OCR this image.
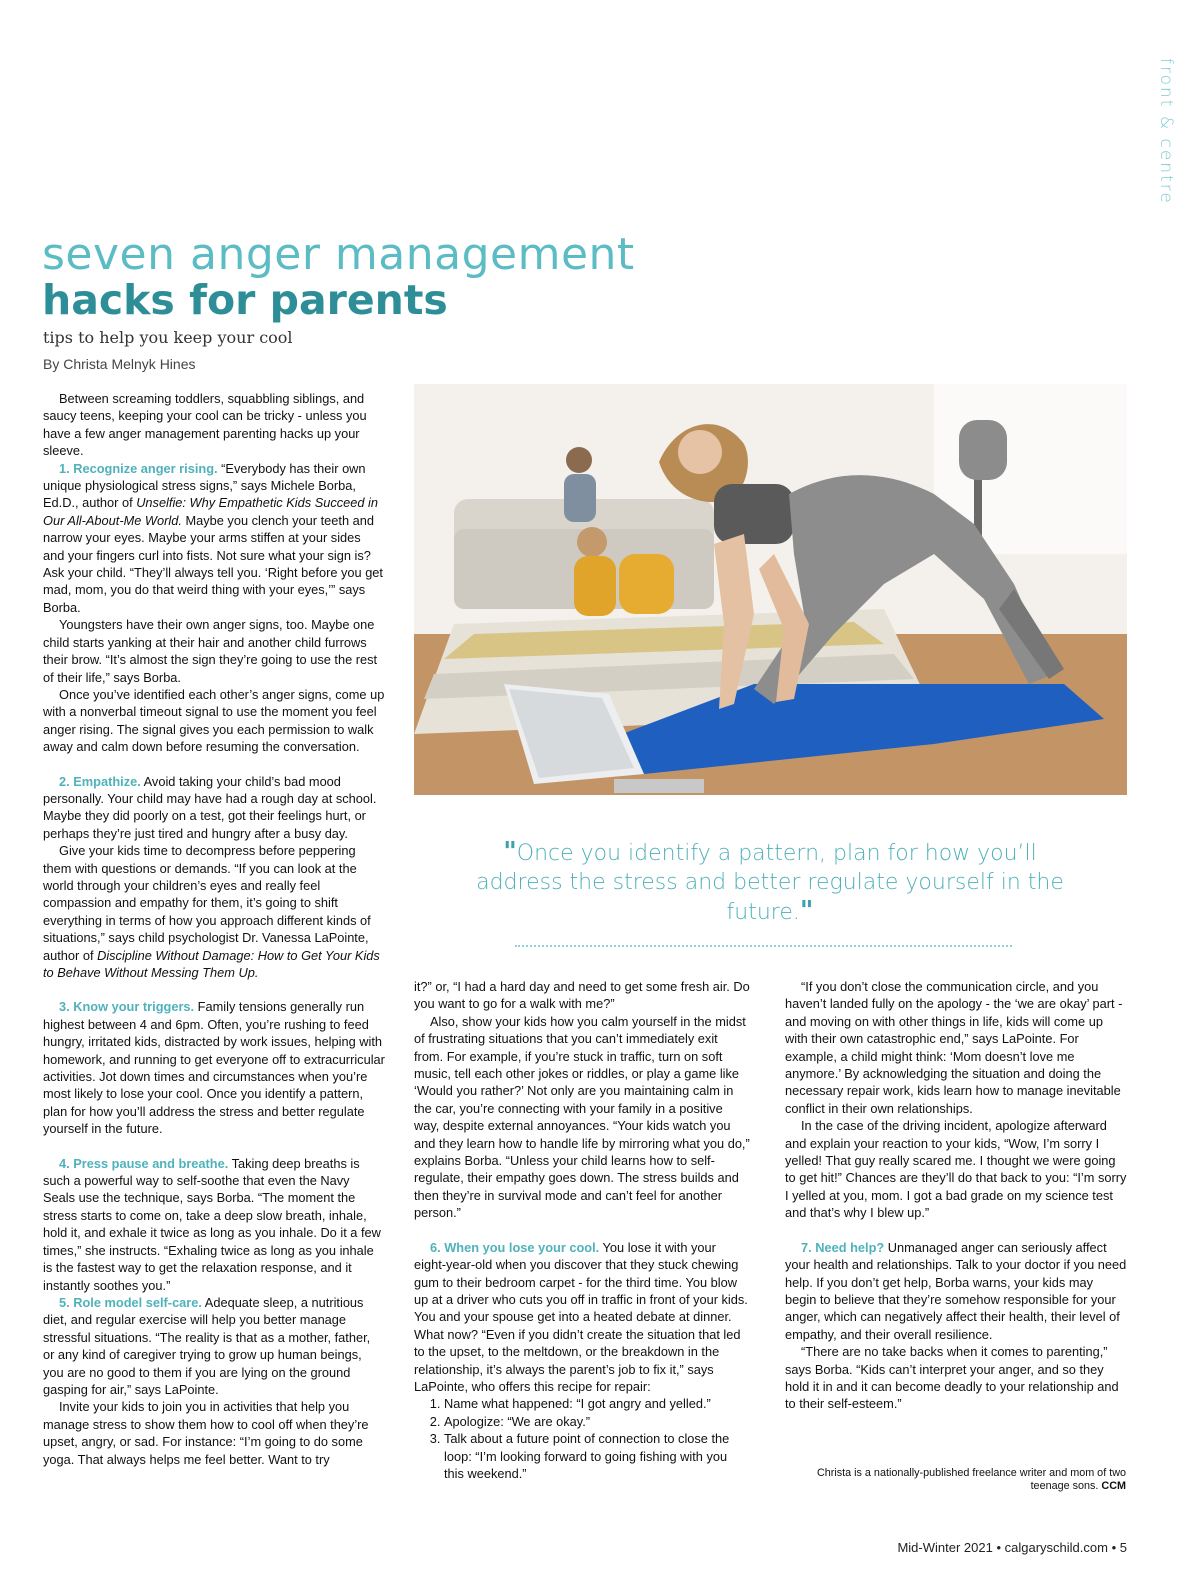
front & centre
seven anger management
hacks for parents
tips to help you keep your cool
By Christa Melnyk Hines

Between screaming toddlers, squabbling siblings, and saucy teens, keeping your cool can be tricky - unless you have a few anger management parenting hacks up your sleeve.

1. Recognize anger rising. “Everybody has their own unique physiological stress signs,” says Michele Borba, Ed.D., author of Unselfie: Why Empathetic Kids Succeed in Our All-About-Me World. Maybe you clench your teeth and narrow your eyes. Maybe your arms stiffen at your sides and your fingers curl into fists. Not sure what your sign is? Ask your child. “They’ll always tell you. ‘Right before you get mad, mom, you do that weird thing with your eyes,’” says Borba.

Youngsters have their own anger signs, too. Maybe one child starts yanking at their hair and another child furrows their brow. “It’s almost the sign they’re going to use the rest of their life,” says Borba.

Once you’ve identified each other’s anger signs, come up with a nonverbal timeout signal to use the moment you feel anger rising. The signal gives you each permission to walk away and calm down before resuming the conversation.

2. Empathize. Avoid taking your child’s bad mood personally. Your child may have had a rough day at school. Maybe they did poorly on a test, got their feelings hurt, or perhaps they’re just tired and hungry after a busy day.

Give your kids time to decompress before peppering them with questions or demands. “If you can look at the world through your children’s eyes and really feel compassion and empathy for them, it’s going to shift everything in terms of how you approach different kinds of situations,” says child psychologist Dr. Vanessa LaPointe, author of Discipline Without Damage: How to Get Your Kids to Behave Without Messing Them Up.

3. Know your triggers. Family tensions generally run highest between 4 and 6pm. Often, you’re rushing to feed hungry, irritated kids, distracted by work issues, helping with homework, and running to get everyone off to extracurricular activities. Jot down times and circumstances when you’re most likely to lose your cool. Once you identify a pattern, plan for how you’ll address the stress and better regulate yourself in the future.

4. Press pause and breathe. Taking deep breaths is such a powerful way to self-soothe that even the Navy Seals use the technique, says Borba. “The moment the stress starts to come on, take a deep slow breath, inhale, hold it, and exhale it twice as long as you inhale. Do it a few times,” she instructs. “Exhaling twice as long as you inhale is the fastest way to get the relaxation response, and it instantly soothes you.”

5. Role model self-care. Adequate sleep, a nutritious diet, and regular exercise will help you better manage stressful situations. “The reality is that as a mother, father, or any kind of caregiver trying to grow up human beings, you are no good to them if you are lying on the ground gasping for air,” says LaPointe.

Invite your kids to join you in activities that help you manage stress to show them how to cool off when they’re upset, angry, or sad. For instance: “I’m going to do some yoga. That always helps me feel better. Want to try

"Once you identify a pattern, plan for how you’ll address the stress and better regulate yourself in the future."

it?” or, “I had a hard day and need to get some fresh air. Do you want to go for a walk with me?”

Also, show your kids how you calm yourself in the midst of frustrating situations that you can’t immediately exit from. For example, if you’re stuck in traffic, turn on soft music, tell each other jokes or riddles, or play a game like ‘Would you rather?’ Not only are you maintaining calm in the car, you’re connecting with your family in a positive way, despite external annoyances. “Your kids watch you and they learn how to handle life by mirroring what you do,” explains Borba. “Unless your child learns how to self-regulate, their empathy goes down. The stress builds and then they’re in survival mode and can’t feel for another person.”

6. When you lose your cool. You lose it with your eight-year-old when you discover that they stuck chewing gum to their bedroom carpet - for the third time. You blow up at a driver who cuts you off in traffic in front of your kids. You and your spouse get into a heated debate at dinner. What now? “Even if you didn’t create the situation that led to the upset, to the meltdown, or the breakdown in the relationship, it’s always the parent’s job to fix it,” says LaPointe, who offers this recipe for repair:

1. Name what happened: “I got angry and yelled.”
2. Apologize: “We are okay.”
3. Talk about a future point of connection to close the loop: “I’m looking forward to going fishing with you this weekend.”

“If you don’t close the communication circle, and you haven’t landed fully on the apology - the ‘we are okay’ part - and moving on with other things in life, kids will come up with their own catastrophic end,” says LaPointe. For example, a child might think: ‘Mom doesn’t love me anymore.’ By acknowledging the situation and doing the necessary repair work, kids learn how to manage inevitable conflict in their own relationships.

In the case of the driving incident, apologize afterward and explain your reaction to your kids, “Wow, I’m sorry I yelled! That guy really scared me. I thought we were going to get hit!” Chances are they’ll do that back to you: “I’m sorry I yelled at you, mom. I got a bad grade on my science test and that’s why I blew up.”

7. Need help? Unmanaged anger can seriously affect your health and relationships. Talk to your doctor if you need help. If you don’t get help, Borba warns, your kids may begin to believe that they’re somehow responsible for your anger, which can negatively affect their health, their level of empathy, and their overall resilience.

“There are no take backs when it comes to parenting,” says Borba. “Kids can’t interpret your anger, and so they hold it in and it can become deadly to your relationship and to their self-esteem.”

Christa is a nationally-published freelance writer and mom of two teenage sons. CCM
Mid-Winter 2021 • calgaryschild.com • 5
